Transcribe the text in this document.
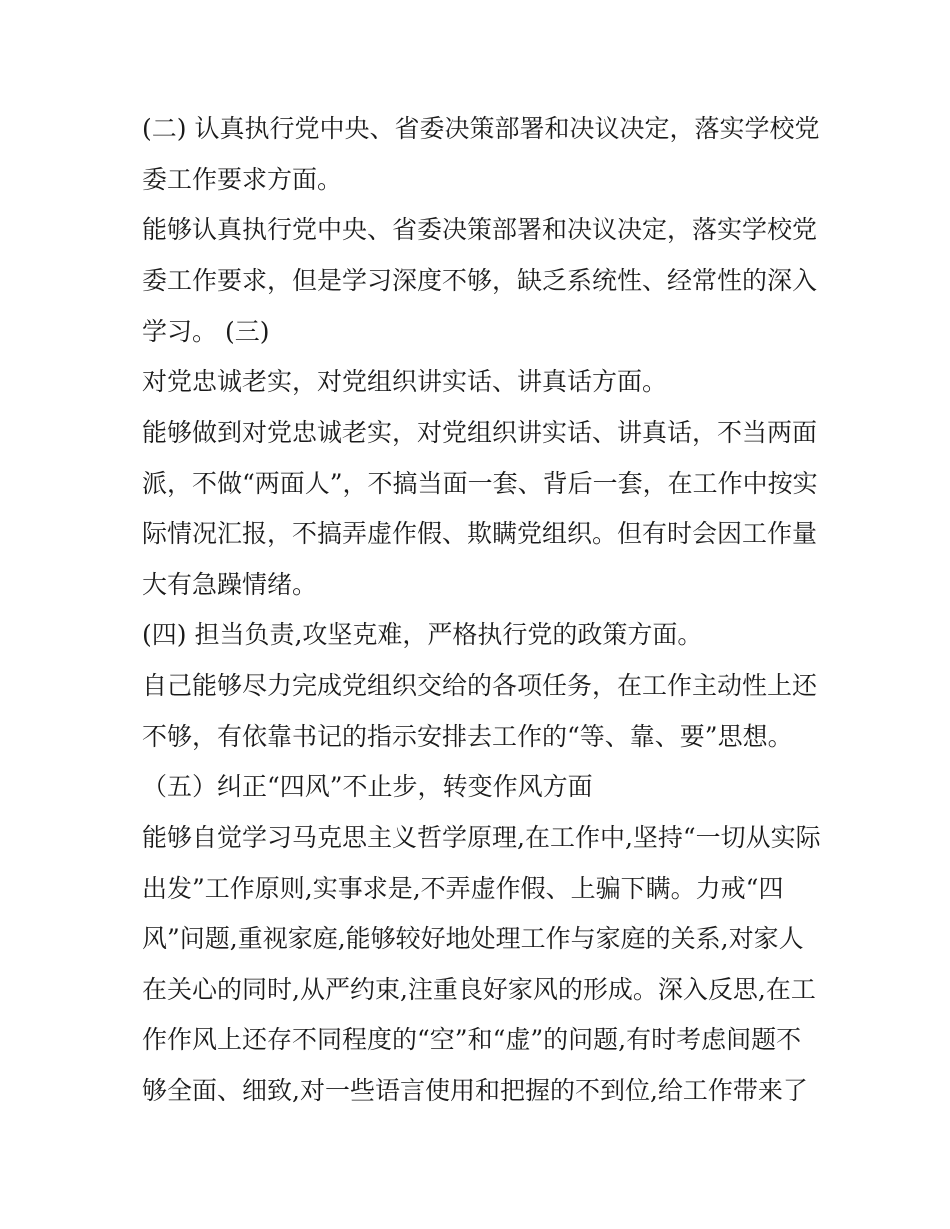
(二) 认真执行党中央、省委决策部署和决议决定，落实学校党
委工作要求方面。
能够认真执行党中央、省委决策部署和决议决定，落实学校党
委工作要求，但是学习深度不够，缺乏系统性、经常性的深入
学习。 (三)
对党忠诚老实，对党组织讲实话、讲真话方面。
能够做到对党忠诚老实，对党组织讲实话、讲真话，不当两面
派，不做“两面人”，不搞当面一套、背后一套，在工作中按实
际情况汇报，不搞弄虚作假、欺瞒党组织。但有时会因工作量
大有急躁情绪。
(四) 担当负责,攻坚克难，严格执行党的政策方面。
自己能够尽力完成党组织交给的各项任务，在工作主动性上还
不够，有依靠书记的指示安排去工作的“等、靠、要”思想。
（五）纠正“四风”不止步，转变作风方面
能够自觉学习马克思主义哲学原理,在工作中,坚持“一切从实际
出发”工作原则,实事求是,不弄虚作假、上骗下瞒。力戒“四
风”问题,重视家庭,能够较好地处理工作与家庭的关系,对家人
在关心的同时,从严约束,注重良好家风的形成。深入反思,在工
作作风上还存不同程度的“空”和“虚”的问题,有时考虑间题不
够全面、细致,对一些语言使用和把握的不到位,给工作带来了
